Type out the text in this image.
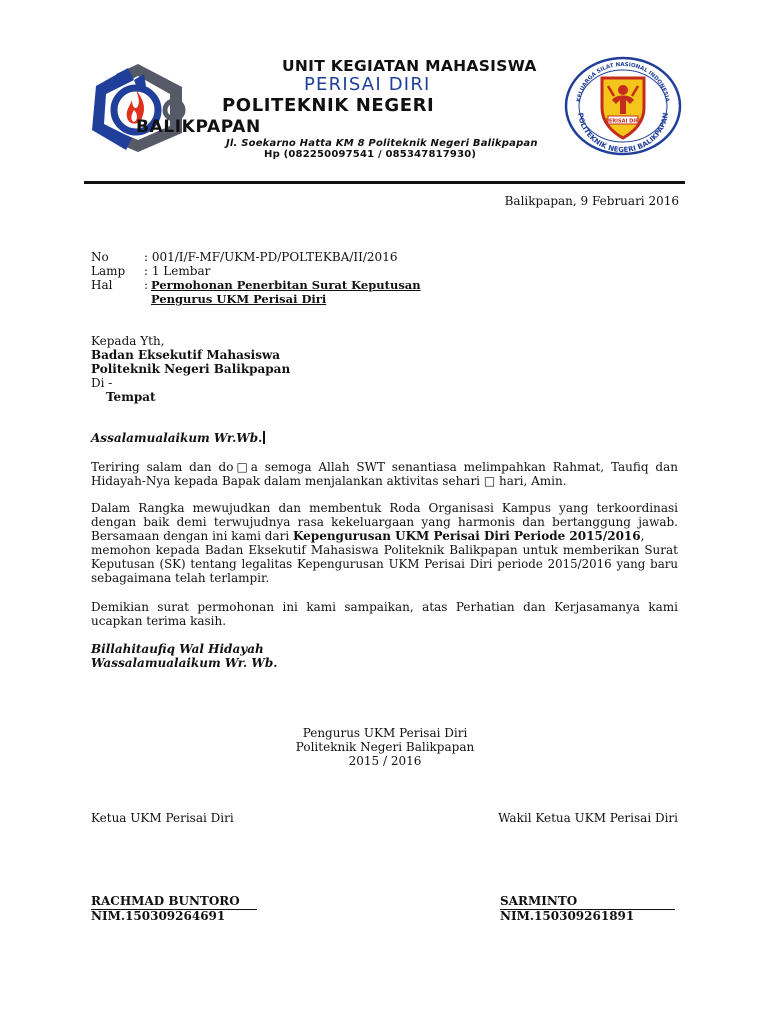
UNIT KEGIATAN MAHASISWA
PERISAI DIRI
POLITEKNIK NEGERI
BALIKPAPAN
Jl. Soekarno Hatta KM 8 Politeknik Negeri Balikpapan
Hp (082250097541 / 085347817930)
KELUARGA SILAT NASIONAL INDONESIA
POLITEKNIK NEGERI BALIKPAPAN
PERISAI DIRI
Balikpapan, 9 Februari 2016
No	: 001/I/F-MF/UKM-PD/POLTEKBA/II/2016
Lamp : 1 Lembar
Hal	: Permohonan Penerbitan Surat Keputusan
Pengurus UKM Perisai Diri
Kepada Yth,
Badan Eksekutif Mahasiswa
Politeknik Negeri Balikpapan
Di -
Tempat
Assalamualaikum Wr.Wb.
Teriring salam dan do□a semoga Allah SWT senantiasa melimpahkan Rahmat, Taufiq dan
Hidayah-Nya kepada Bapak dalam menjalankan aktivitas sehari □ hari, Amin.
Dalam Rangka mewujudkan dan membentuk Roda Organisasi Kampus yang terkoordinasi
dengan baik demi terwujudnya rasa kekeluargaan yang harmonis dan bertanggung jawab.
Bersamaan dengan ini kami dari Kepengurusan UKM Perisai Diri Periode 2015/2016,
memohon kepada Badan Eksekutif Mahasiswa Politeknik Balikpapan untuk memberikan Surat
Keputusan (SK) tentang legalitas Kepengurusan UKM Perisai Diri periode 2015/2016 yang baru
sebagaimana telah terlampir.
Demikian surat permohonan ini kami sampaikan, atas Perhatian dan Kerjasamanya kami
ucapkan terima kasih.
Billahitaufiq Wal Hidayah
Wassalamualaikum Wr. Wb.
Pengurus UKM Perisai Diri
Politeknik Negeri Balikpapan
2015 / 2016
Ketua UKM Perisai Diri	Wakil Ketua UKM Perisai Diri
RACHMAD BUNTORO
NIM.150309264691
SARMINTO
NIM.150309261891
